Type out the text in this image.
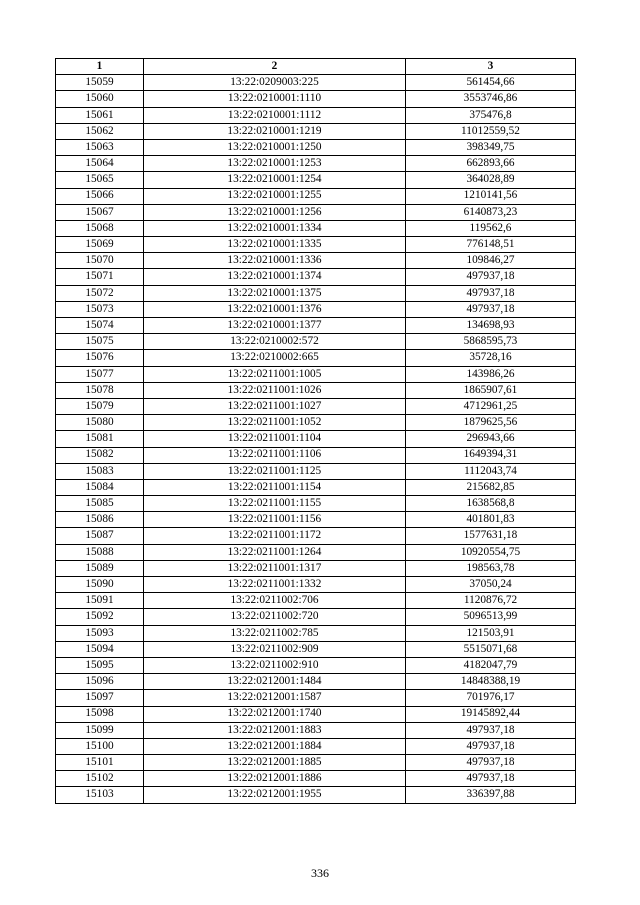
1	2	3
15059	13:22:0209003:225	561454,66
15060	13:22:0210001:1110	3553746,86
15061	13:22:0210001:1112	375476,8
15062	13:22:0210001:1219	11012559,52
15063	13:22:0210001:1250	398349,75
15064	13:22:0210001:1253	662893,66
15065	13:22:0210001:1254	364028,89
15066	13:22:0210001:1255	1210141,56
15067	13:22:0210001:1256	6140873,23
15068	13:22:0210001:1334	119562,6
15069	13:22:0210001:1335	776148,51
15070	13:22:0210001:1336	109846,27
15071	13:22:0210001:1374	497937,18
15072	13:22:0210001:1375	497937,18
15073	13:22:0210001:1376	497937,18
15074	13:22:0210001:1377	134698,93
15075	13:22:0210002:572	5868595,73
15076	13:22:0210002:665	35728,16
15077	13:22:0211001:1005	143986,26
15078	13:22:0211001:1026	1865907,61
15079	13:22:0211001:1027	4712961,25
15080	13:22:0211001:1052	1879625,56
15081	13:22:0211001:1104	296943,66
15082	13:22:0211001:1106	1649394,31
15083	13:22:0211001:1125	1112043,74
15084	13:22:0211001:1154	215682,85
15085	13:22:0211001:1155	1638568,8
15086	13:22:0211001:1156	401801,83
15087	13:22:0211001:1172	1577631,18
15088	13:22:0211001:1264	10920554,75
15089	13:22:0211001:1317	198563,78
15090	13:22:0211001:1332	37050,24
15091	13:22:0211002:706	1120876,72
15092	13:22:0211002:720	5096513,99
15093	13:22:0211002:785	121503,91
15094	13:22:0211002:909	5515071,68
15095	13:22:0211002:910	4182047,79
15096	13:22:0212001:1484	14848388,19
15097	13:22:0212001:1587	701976,17
15098	13:22:0212001:1740	19145892,44
15099	13:22:0212001:1883	497937,18
15100	13:22:0212001:1884	497937,18
15101	13:22:0212001:1885	497937,18
15102	13:22:0212001:1886	497937,18
15103	13:22:0212001:1955	336397,88
336
